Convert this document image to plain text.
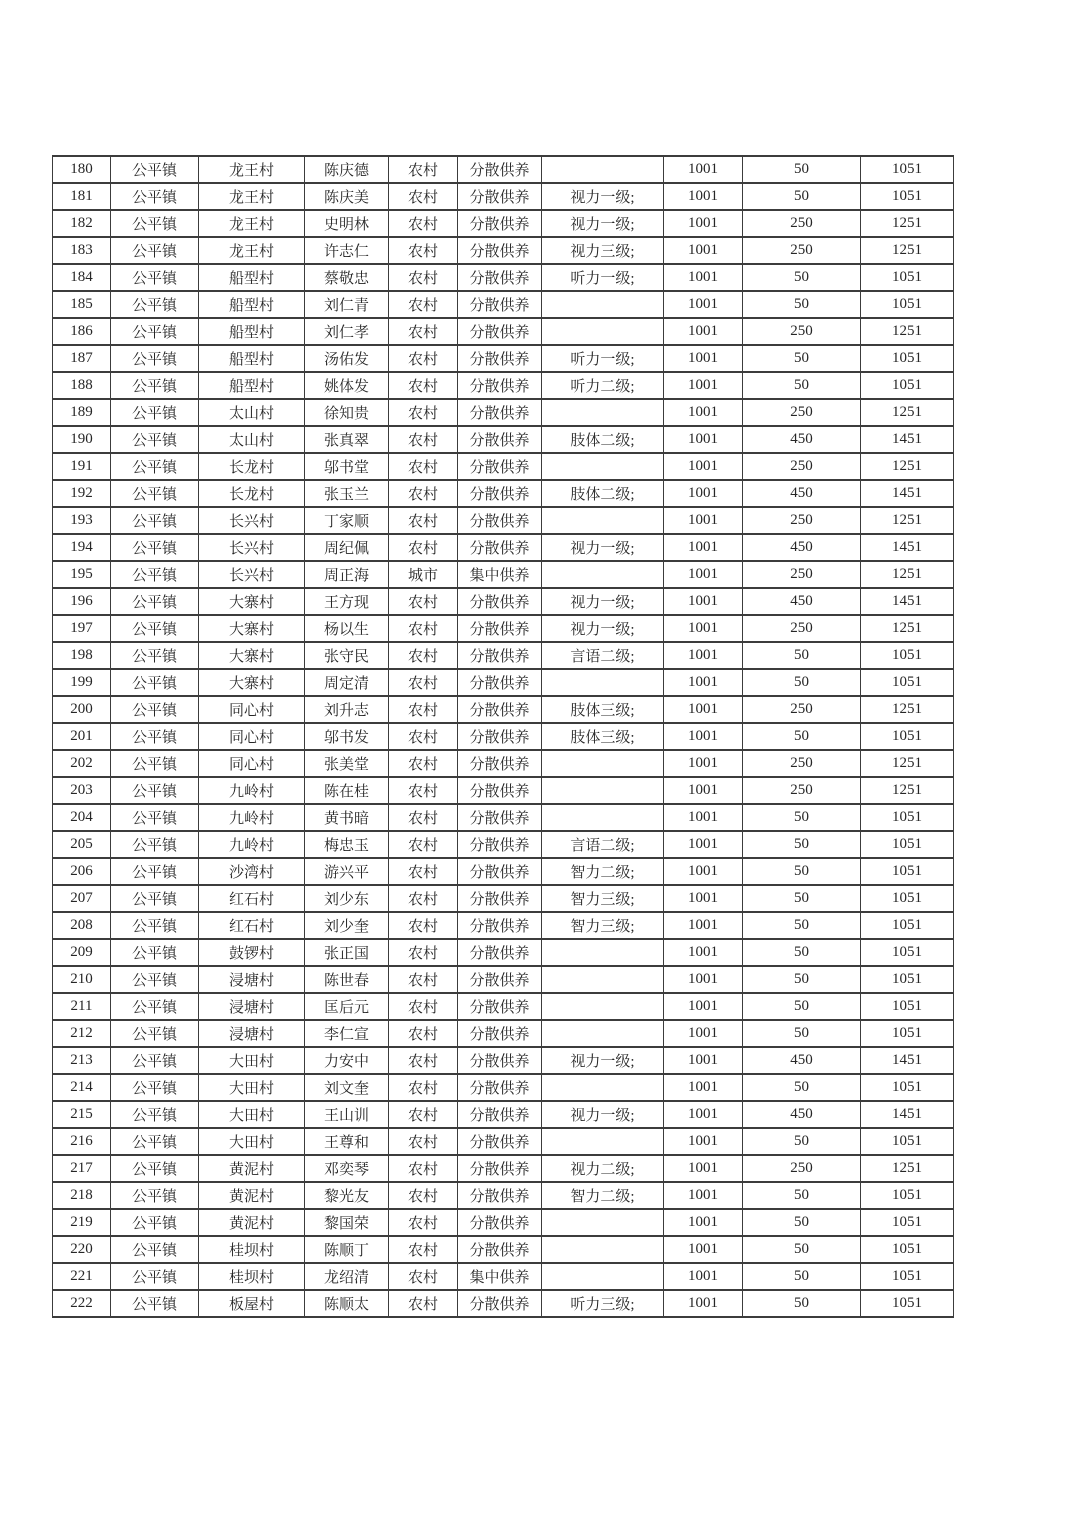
180	公平镇	龙王村	陈庆德	农村	分散供养		1001	50	1051
181	公平镇	龙王村	陈庆美	农村	分散供养	视力一级;	1001	50	1051
182	公平镇	龙王村	史明林	农村	分散供养	视力一级;	1001	250	1251
183	公平镇	龙王村	许志仁	农村	分散供养	视力三级;	1001	250	1251
184	公平镇	船型村	蔡敬忠	农村	分散供养	听力一级;	1001	50	1051
185	公平镇	船型村	刘仁青	农村	分散供养		1001	50	1051
186	公平镇	船型村	刘仁孝	农村	分散供养		1001	250	1251
187	公平镇	船型村	汤佑发	农村	分散供养	听力一级;	1001	50	1051
188	公平镇	船型村	姚体发	农村	分散供养	听力二级;	1001	50	1051
189	公平镇	太山村	徐知贵	农村	分散供养		1001	250	1251
190	公平镇	太山村	张真翠	农村	分散供养	肢体二级;	1001	450	1451
191	公平镇	长龙村	邬书堂	农村	分散供养		1001	250	1251
192	公平镇	长龙村	张玉兰	农村	分散供养	肢体二级;	1001	450	1451
193	公平镇	长兴村	丁家顺	农村	分散供养		1001	250	1251
194	公平镇	长兴村	周纪佩	农村	分散供养	视力一级;	1001	450	1451
195	公平镇	长兴村	周正海	城市	集中供养		1001	250	1251
196	公平镇	大寨村	王方现	农村	分散供养	视力一级;	1001	450	1451
197	公平镇	大寨村	杨以生	农村	分散供养	视力一级;	1001	250	1251
198	公平镇	大寨村	张守民	农村	分散供养	言语二级;	1001	50	1051
199	公平镇	大寨村	周定清	农村	分散供养		1001	50	1051
200	公平镇	同心村	刘升志	农村	分散供养	肢体三级;	1001	250	1251
201	公平镇	同心村	邬书发	农村	分散供养	肢体三级;	1001	50	1051
202	公平镇	同心村	张美堂	农村	分散供养		1001	250	1251
203	公平镇	九岭村	陈在桂	农村	分散供养		1001	250	1251
204	公平镇	九岭村	黄书暗	农村	分散供养		1001	50	1051
205	公平镇	九岭村	梅忠玉	农村	分散供养	言语二级;	1001	50	1051
206	公平镇	沙湾村	游兴平	农村	分散供养	智力二级;	1001	50	1051
207	公平镇	红石村	刘少东	农村	分散供养	智力三级;	1001	50	1051
208	公平镇	红石村	刘少奎	农村	分散供养	智力三级;	1001	50	1051
209	公平镇	鼓锣村	张正国	农村	分散供养		1001	50	1051
210	公平镇	浸塘村	陈世春	农村	分散供养		1001	50	1051
211	公平镇	浸塘村	匡后元	农村	分散供养		1001	50	1051
212	公平镇	浸塘村	李仁宣	农村	分散供养		1001	50	1051
213	公平镇	大田村	力安中	农村	分散供养	视力一级;	1001	450	1451
214	公平镇	大田村	刘文奎	农村	分散供养		1001	50	1051
215	公平镇	大田村	王山训	农村	分散供养	视力一级;	1001	450	1451
216	公平镇	大田村	王尊和	农村	分散供养		1001	50	1051
217	公平镇	黄泥村	邓奕琴	农村	分散供养	视力二级;	1001	250	1251
218	公平镇	黄泥村	黎光友	农村	分散供养	智力二级;	1001	50	1051
219	公平镇	黄泥村	黎国荣	农村	分散供养		1001	50	1051
220	公平镇	桂坝村	陈顺丁	农村	分散供养		1001	50	1051
221	公平镇	桂坝村	龙绍清	农村	集中供养		1001	50	1051
222	公平镇	板屋村	陈顺太	农村	分散供养	听力三级;	1001	50	1051
